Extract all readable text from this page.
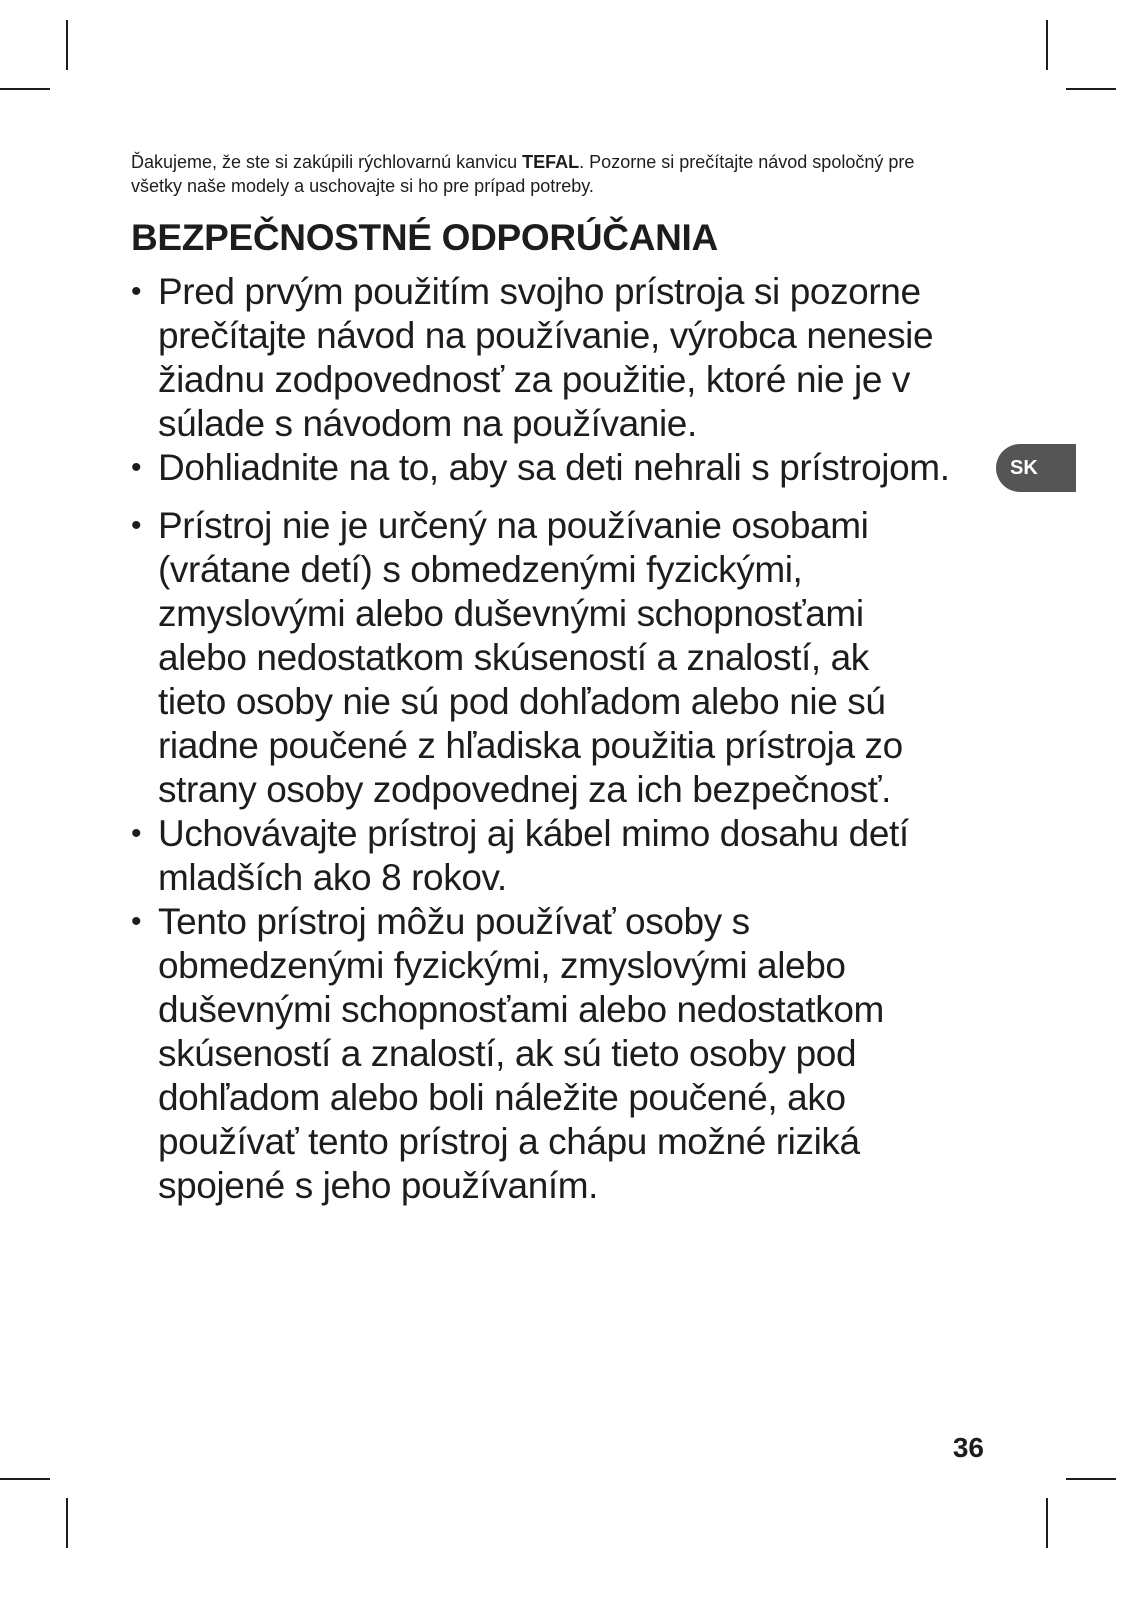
Ďakujeme, že ste si zakúpili rýchlovarnú kanvicu TEFAL. Pozorne si prečítajte návod spoločný pre
všetky naše modely a uschovajte si ho pre prípad potreby.
BEZPEČNOSTNÉ ODPORÚČANIA
• Pred prvým použitím svojho prístroja si pozorne
prečítajte návod na používanie, výrobca nenesie
žiadnu zodpovednosť za použitie, ktoré nie je v
súlade s návodom na používanie.
• Dohliadnite na to, aby sa deti nehrali s prístrojom.
• Prístroj nie je určený na používanie osobami
(vrátane detí) s obmedzenými fyzickými,
zmyslovými alebo duševnými schopnosťami
alebo nedostatkom skúseností a znalostí, ak
tieto osoby nie sú pod dohľadom alebo nie sú
riadne poučené z hľadiska použitia prístroja zo
strany osoby zodpovednej za ich bezpečnosť.
• Uchovávajte prístroj aj kábel mimo dosahu detí
mladších ako 8 rokov.
• Tento prístroj môžu používať osoby s
obmedzenými fyzickými, zmyslovými alebo
duševnými schopnosťami alebo nedostatkom
skúseností a znalostí, ak sú tieto osoby pod
dohľadom alebo boli náležite poučené, ako
používať tento prístroj a chápu možné riziká
spojené s jeho používaním.
SK
36
